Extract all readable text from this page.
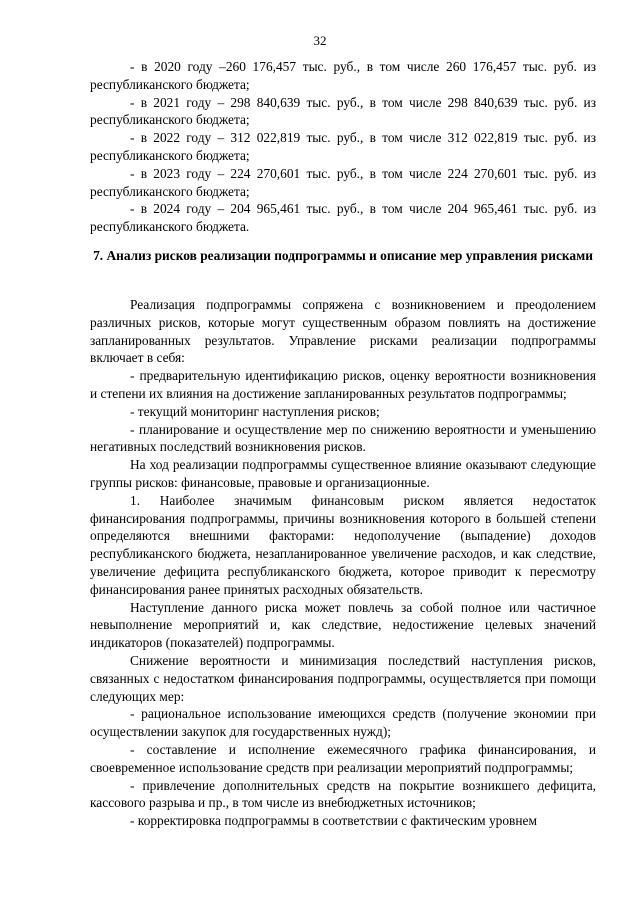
32
- в 2020 году –260 176,457 тыс. руб., в том числе 260 176,457 тыс. руб. из республиканского бюджета;
- в 2021 году – 298 840,639 тыс. руб., в том числе 298 840,639 тыс. руб. из республиканского бюджета;
- в 2022 году – 312 022,819 тыс. руб., в том числе 312 022,819 тыс. руб. из республиканского бюджета;
- в 2023 году – 224 270,601 тыс. руб., в том числе 224 270,601 тыс. руб. из республиканского бюджета;
- в 2024 году – 204 965,461 тыс. руб., в том числе 204 965,461 тыс. руб. из республиканского бюджета.
7. Анализ рисков реализации подпрограммы и описание мер управления рисками
Реализация подпрограммы сопряжена с возникновением и преодолением различных рисков, которые могут существенным образом повлиять на достижение запланированных результатов. Управление рисками реализации подпрограммы включает в себя:
- предварительную идентификацию рисков, оценку вероятности возникновения и степени их влияния на достижение запланированных результатов подпрограммы;
- текущий мониторинг наступления рисков;
- планирование и осуществление мер по снижению вероятности и уменьшению негативных последствий возникновения рисков.
На ход реализации подпрограммы существенное влияние оказывают следующие группы рисков: финансовые, правовые и организационные.
1. Наиболее значимым финансовым риском является недостаток финансирования подпрограммы, причины возникновения которого в большей степени определяются внешними факторами: недополучение (выпадение) доходов республиканского бюджета, незапланированное увеличение расходов, и как следствие, увеличение дефицита республиканского бюджета, которое приводит к пересмотру финансирования ранее принятых расходных обязательств.
Наступление данного риска может повлечь за собой полное или частичное невыполнение мероприятий и, как следствие, недостижение целевых значений индикаторов (показателей) подпрограммы.
Снижение вероятности и минимизация последствий наступления рисков, связанных с недостатком финансирования подпрограммы, осуществляется при помощи следующих мер:
- рациональное использование имеющихся средств (получение экономии при осуществлении закупок для государственных нужд);
- составление и исполнение ежемесячного графика финансирования, и своевременное использование средств при реализации мероприятий подпрограммы;
- привлечение дополнительных средств на покрытие возникшего дефицита, кассового разрыва и пр., в том числе из внебюджетных источников;
- корректировка подпрограммы в соответствии с фактическим уровнем
